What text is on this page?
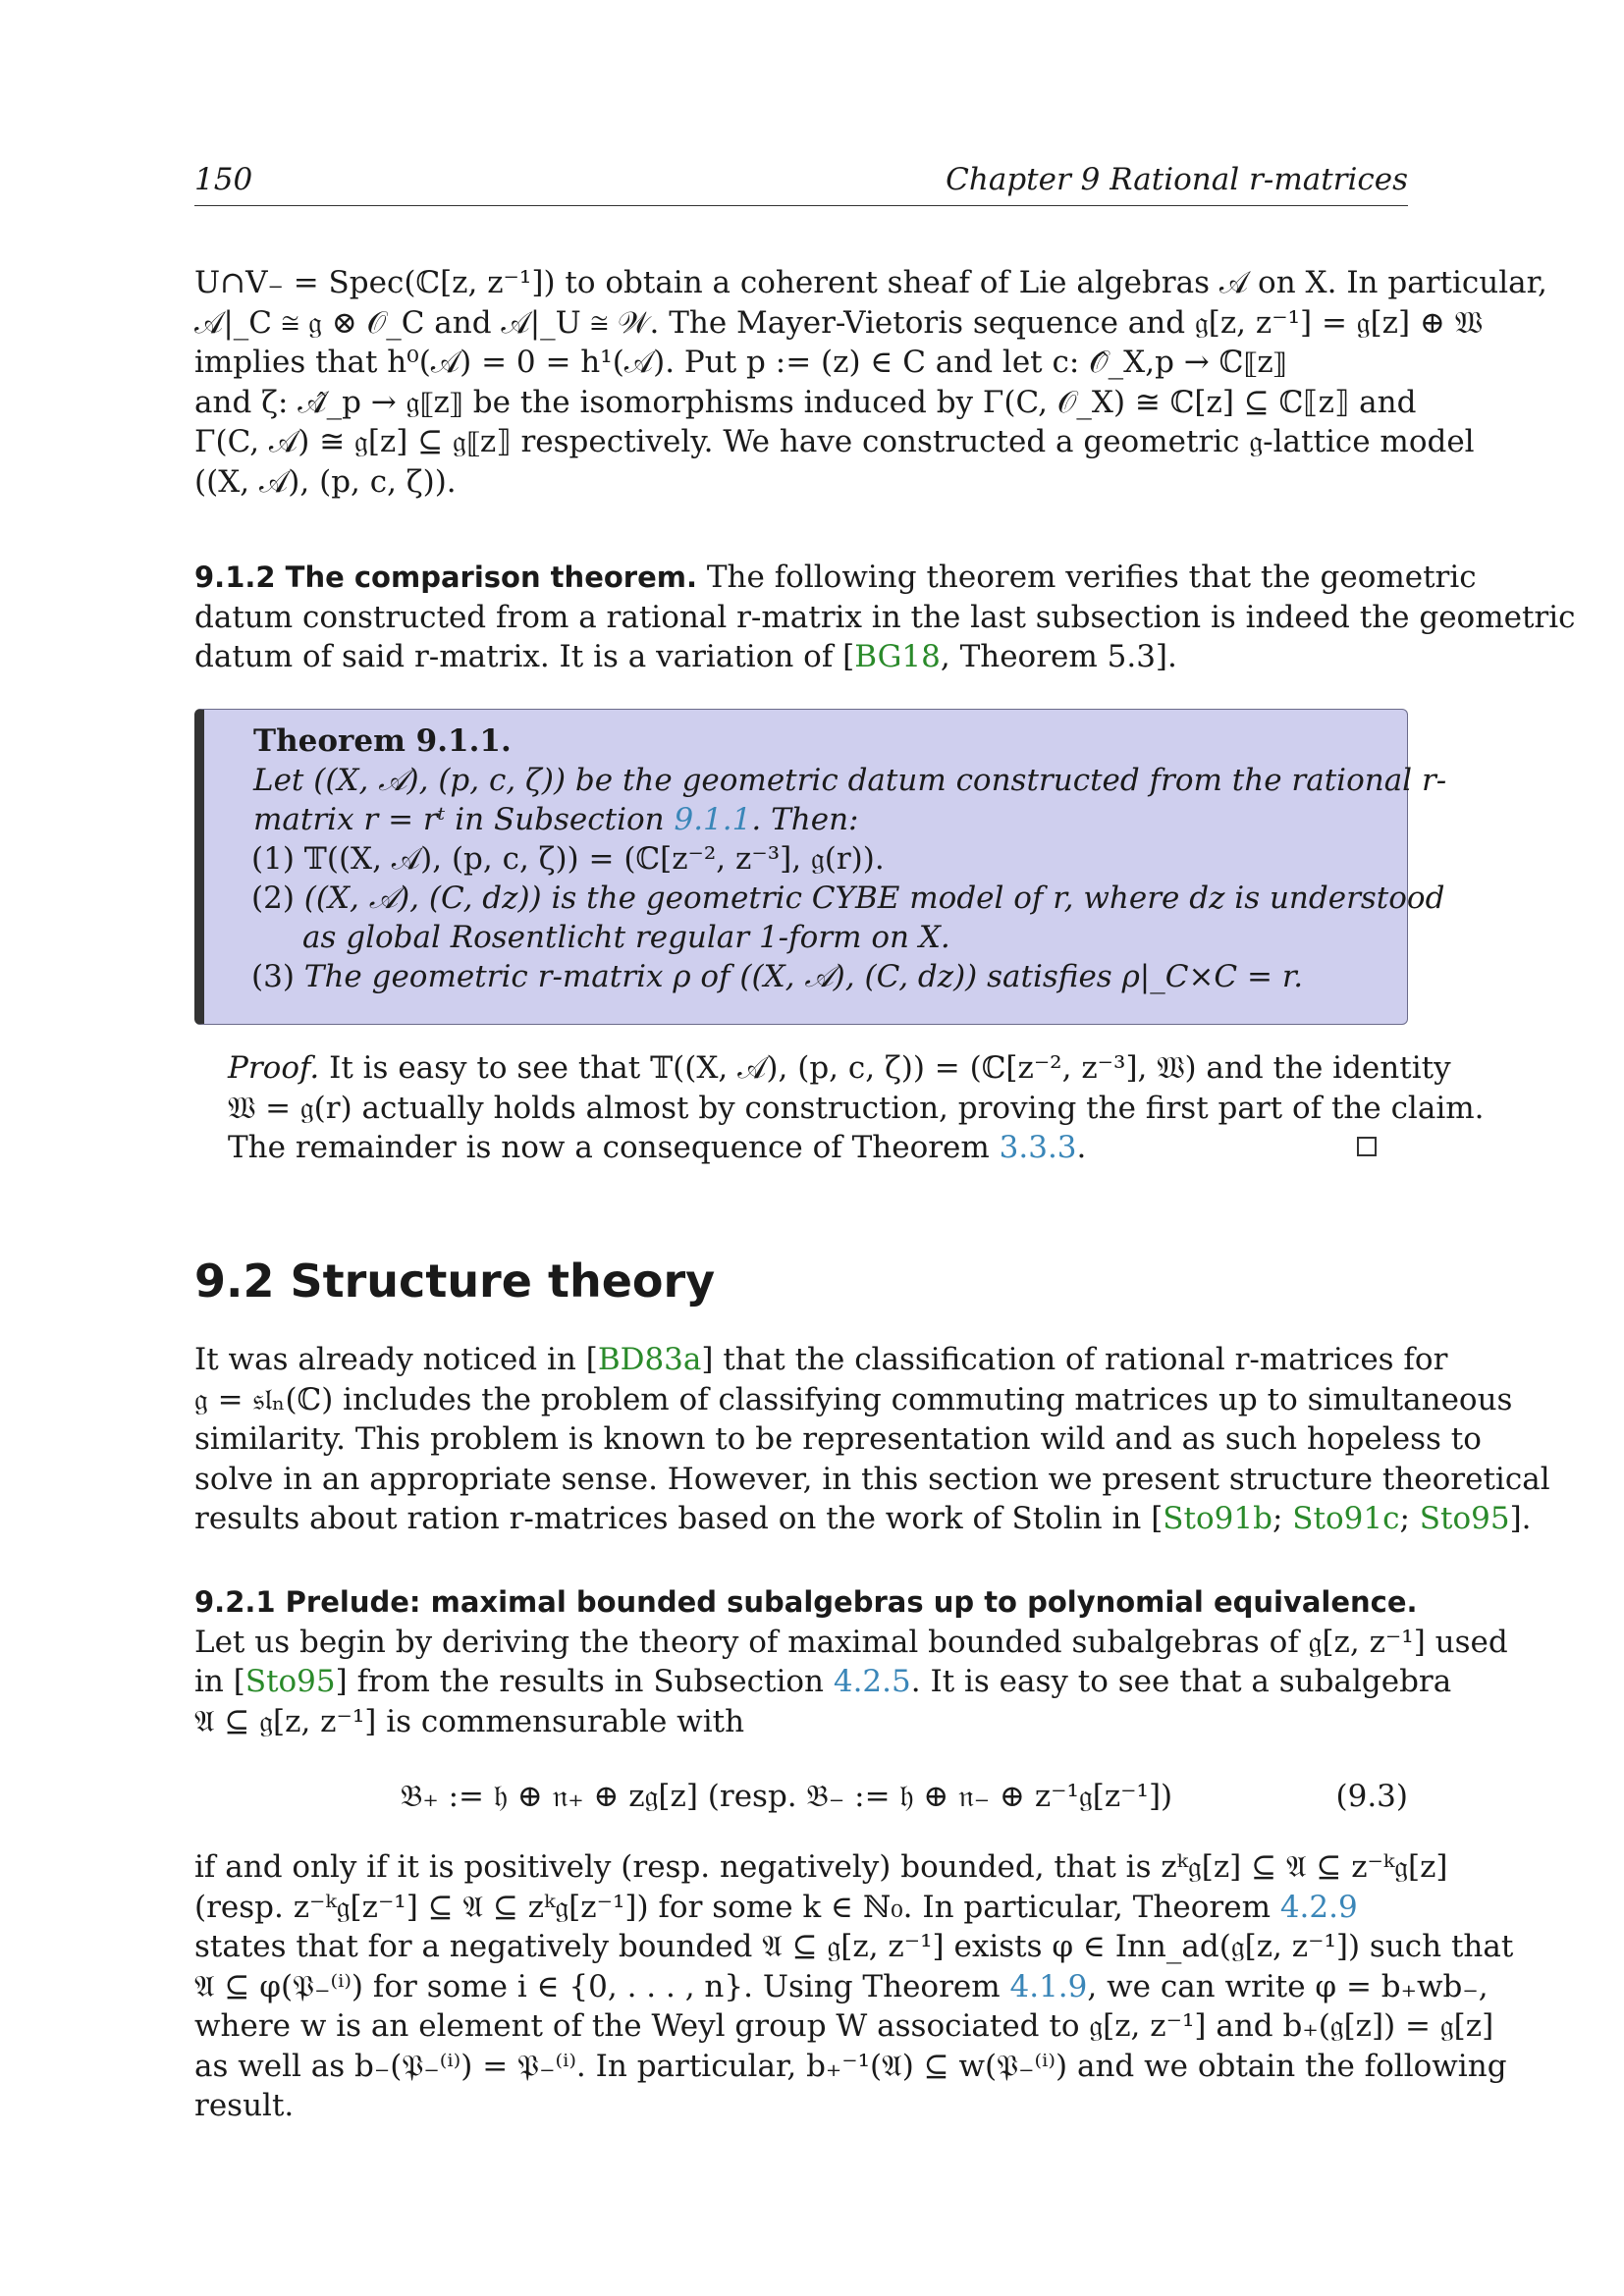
150	Chapter 9 Rational r-matrices
U∩V₋ = Spec(ℂ[z, z⁻¹]) to obtain a coherent sheaf of Lie algebras 𝒜 on X. In particular,
𝒜|_C ≅ 𝔤 ⊗ 𝒪_C and 𝒜|_U ≅ 𝒲. The Mayer-Vietoris sequence and 𝔤[z, z⁻¹] = 𝔤[z] ⊕ 𝔚
implies that h⁰(𝒜) = 0 = h¹(𝒜). Put p := (z) ∈ C and let c: 𝒪̂_X,p → ℂ⟦z⟧
and ζ: 𝒜̂_p → 𝔤⟦z⟧ be the isomorphisms induced by Γ(C, 𝒪_X) ≅ ℂ[z] ⊆ ℂ⟦z⟧ and
Γ(C, 𝒜) ≅ 𝔤[z] ⊆ 𝔤⟦z⟧ respectively. We have constructed a geometric 𝔤-lattice model
((X, 𝒜), (p, c, ζ)).
9.1.2 The comparison theorem. The following theorem verifies that the geometric
datum constructed from a rational r-matrix in the last subsection is indeed the geometric
datum of said r-matrix. It is a variation of [BG18, Theorem 5.3].
Theorem 9.1.1.
Let ((X, 𝒜), (p, c, ζ)) be the geometric datum constructed from the rational r-
matrix r = rᵗ in Subsection 9.1.1. Then:
(1) 𝕋((X, 𝒜), (p, c, ζ)) = (ℂ[z⁻², z⁻³], 𝔤(r)).
(2) ((X, 𝒜), (C, dz)) is the geometric CYBE model of r, where dz is understood
as global Rosentlicht regular 1-form on X.
(3) The geometric r-matrix ρ of ((X, 𝒜), (C, dz)) satisfies ρ|_C×C = r.
Proof. It is easy to see that 𝕋((X, 𝒜), (p, c, ζ)) = (ℂ[z⁻², z⁻³], 𝔚) and the identity
𝔚 = 𝔤(r) actually holds almost by construction, proving the first part of the claim.
The remainder is now a consequence of Theorem 3.3.3.
9.2 Structure theory
It was already noticed in [BD83a] that the classification of rational r-matrices for
𝔤 = 𝔰𝔩ₙ(ℂ) includes the problem of classifying commuting matrices up to simultaneous
similarity. This problem is known to be representation wild and as such hopeless to
solve in an appropriate sense. However, in this section we present structure theoretical
results about ration r-matrices based on the work of Stolin in [Sto91b; Sto91c; Sto95].
9.2.1 Prelude: maximal bounded subalgebras up to polynomial equivalence.
Let us begin by deriving the theory of maximal bounded subalgebras of 𝔤[z, z⁻¹] used
in [Sto95] from the results in Subsection 4.2.5. It is easy to see that a subalgebra
𝔄 ⊆ 𝔤[z, z⁻¹] is commensurable with
𝔅₊ := 𝔥 ⊕ 𝔫₊ ⊕ z𝔤[z] (resp. 𝔅₋ := 𝔥 ⊕ 𝔫₋ ⊕ z⁻¹𝔤[z⁻¹])	(9.3)
if and only if it is positively (resp. negatively) bounded, that is zᵏ𝔤[z] ⊆ 𝔄 ⊆ z⁻ᵏ𝔤[z]
(resp. z⁻ᵏ𝔤[z⁻¹] ⊆ 𝔄 ⊆ zᵏ𝔤[z⁻¹]) for some k ∈ ℕ₀. In particular, Theorem 4.2.9
states that for a negatively bounded 𝔄 ⊆ 𝔤[z, z⁻¹] exists φ ∈ Inn_ad(𝔤[z, z⁻¹]) such that
𝔄 ⊆ φ(𝔓₋⁽ⁱ⁾) for some i ∈ {0, . . . , n}. Using Theorem 4.1.9, we can write φ = b₊wb₋,
where w is an element of the Weyl group W associated to 𝔤[z, z⁻¹] and b₊(𝔤[z]) = 𝔤[z]
as well as b₋(𝔓₋⁽ⁱ⁾) = 𝔓₋⁽ⁱ⁾. In particular, b₊⁻¹(𝔄) ⊆ w(𝔓₋⁽ⁱ⁾) and we obtain the following
result.
